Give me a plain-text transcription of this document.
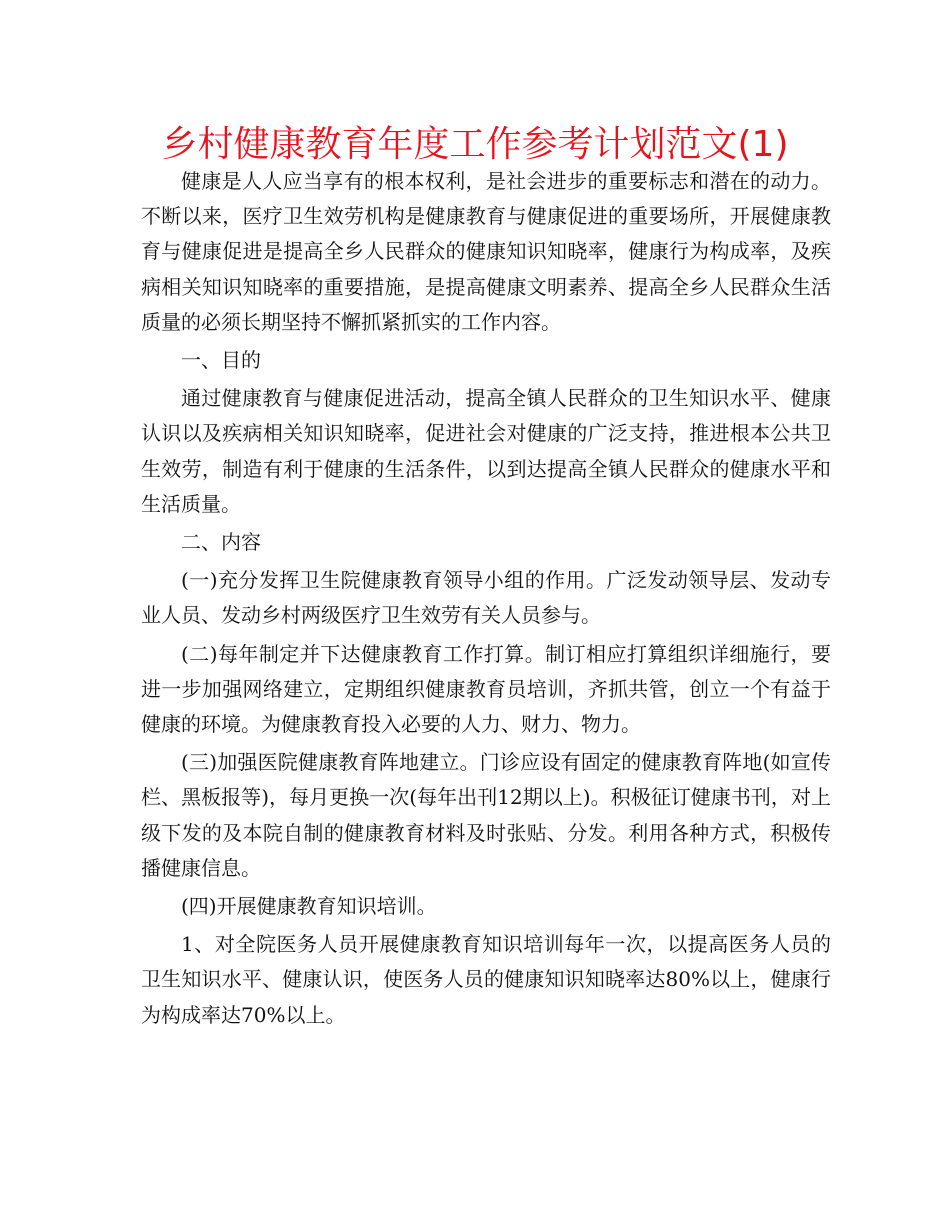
乡村健康教育年度工作参考计划范文(1)

健康是人人应当享有的根本权利，是社会进步的重要标志和潜在的动力。不断以来，医疗卫生效劳机构是健康教育与健康促进的重要场所，开展健康教育与健康促进是提高全乡人民群众的健康知识知晓率，健康行为构成率，及疾病相关知识知晓率的重要措施，是提高健康文明素养、提高全乡人民群众生活质量的必须长期坚持不懈抓紧抓实的工作内容。

一、目的

通过健康教育与健康促进活动，提高全镇人民群众的卫生知识水平、健康认识以及疾病相关知识知晓率，促进社会对健康的广泛支持，推进根本公共卫生效劳，制造有利于健康的生活条件，以到达提高全镇人民群众的健康水平和生活质量。

二、内容

(一)充分发挥卫生院健康教育领导小组的作用。广泛发动领导层、发动专业人员、发动乡村两级医疗卫生效劳有关人员参与。

(二)每年制定并下达健康教育工作打算。制订相应打算组织详细施行，要进一步加强网络建立，定期组织健康教育员培训，齐抓共管，创立一个有益于健康的环境。为健康教育投入必要的人力、财力、物力。

(三)加强医院健康教育阵地建立。门诊应设有固定的健康教育阵地(如宣传栏、黑板报等)，每月更换一次(每年出刊12期以上)。积极征订健康书刊，对上级下发的及本院自制的健康教育材料及时张贴、分发。利用各种方式，积极传播健康信息。

(四)开展健康教育知识培训。

1、对全院医务人员开展健康教育知识培训每年一次，以提高医务人员的卫生知识水平、健康认识，使医务人员的健康知识知晓率达80%以上，健康行为构成率达70%以上。
